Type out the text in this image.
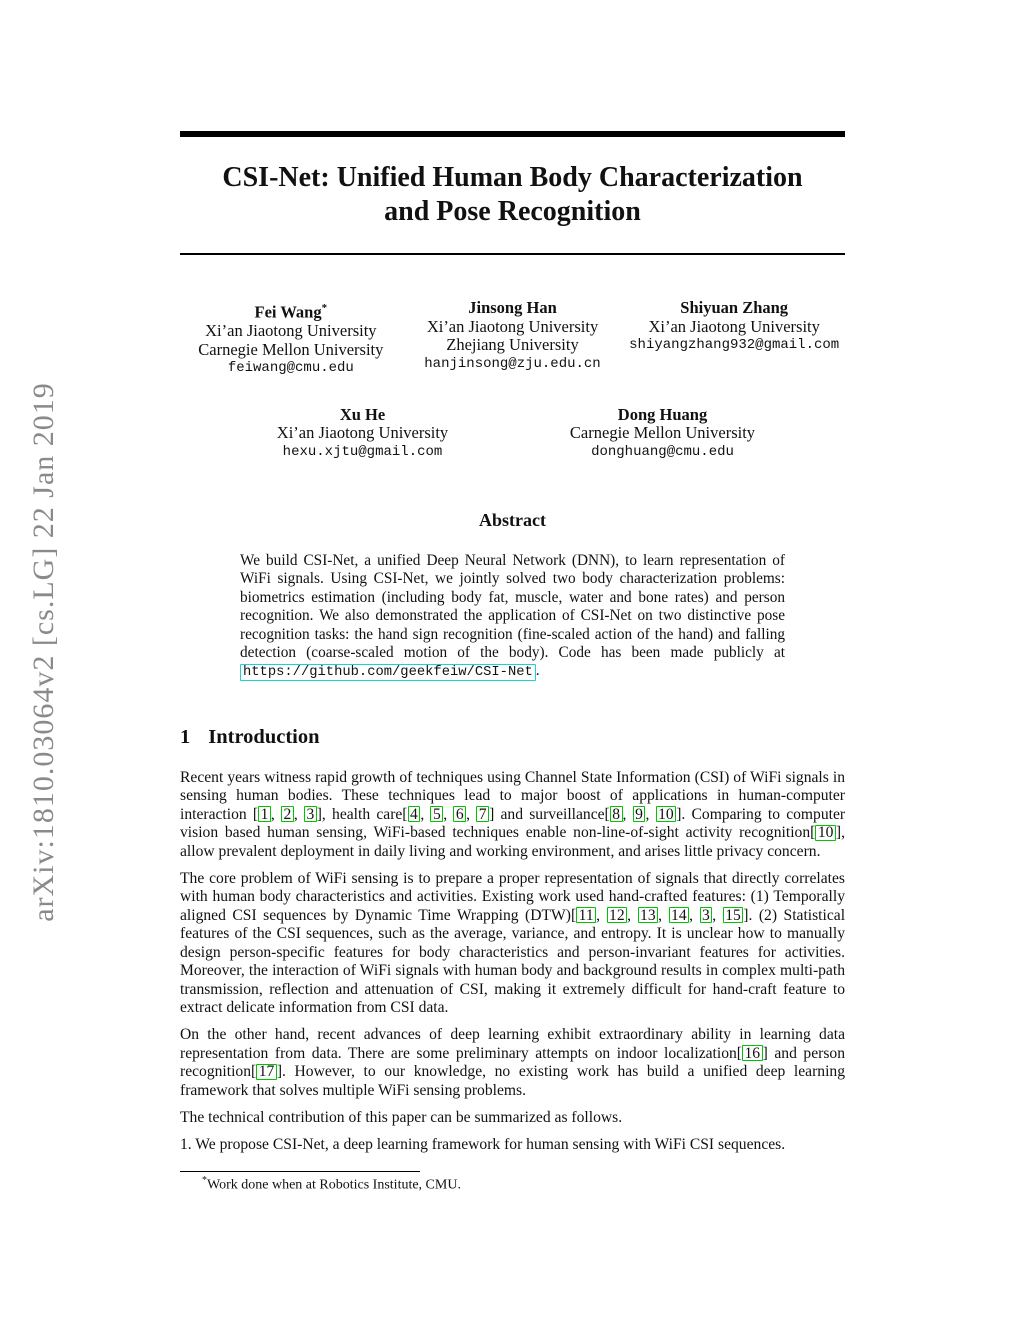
arXiv:1810.03064v2 [cs.LG] 22 Jan 2019
CSI-Net: Unified Human Body Characterization
and Pose Recognition
Fei Wang*
Xi’an Jiaotong University
Carnegie Mellon University
feiwang@cmu.edu
Jinsong Han
Xi’an Jiaotong University
Zhejiang University
hanjinsong@zju.edu.cn
Shiyuan Zhang
Xi’an Jiaotong University
shiyangzhang932@gmail.com
Xu He
Xi’an Jiaotong University
hexu.xjtu@gmail.com
Dong Huang
Carnegie Mellon University
donghuang@cmu.edu
Abstract
We build CSI-Net, a unified Deep Neural Network (DNN), to learn representation of WiFi signals. Using CSI-Net, we jointly solved two body characterization problems: biometrics estimation (including body fat, muscle, water and bone rates) and person recognition. We also demonstrated the application of CSI-Net on two distinctive pose recognition tasks: the hand sign recognition (fine-scaled action of the hand) and falling detection (coarse-scaled motion of the body). Code has been made publicly at https://github.com/geekfeiw/CSI-Net .
1 Introduction

Recent years witness rapid growth of techniques using Channel State Information (CSI) of WiFi signals in sensing human bodies. These techniques lead to major boost of applications in human-computer interaction [ 1 , 2 , 3 ], health care[ 4 , 5 , 6 , 7 ] and surveillance[ 8 , 9 , 10 ]. Comparing to computer vision based human sensing, WiFi-based techniques enable non-line-of-sight activity recognition[ 10 ], allow prevalent deployment in daily living and working environment, and arises little privacy concern.

The core problem of WiFi sensing is to prepare a proper representation of signals that directly correlates with human body characteristics and activities. Existing work used hand-crafted features: (1) Temporally aligned CSI sequences by Dynamic Time Wrapping (DTW)[ 11 , 12 , 13 , 14 , 3 , 15 ]. (2) Statistical features of the CSI sequences, such as the average, variance, and entropy. It is unclear how to manually design person-specific features for body characteristics and person-invariant features for activities. Moreover, the interaction of WiFi signals with human body and background results in complex multi-path transmission, reflection and attenuation of CSI, making it extremely difficult for hand-craft feature to extract delicate information from CSI data.

On the other hand, recent advances of deep learning exhibit extraordinary ability in learning data representation from data. There are some preliminary attempts on indoor localization[ 16 ] and person recognition[ 17 ]. However, to our knowledge, no existing work has build a unified deep learning framework that solves multiple WiFi sensing problems.

The technical contribution of this paper can be summarized as follows.

1. We propose CSI-Net, a deep learning framework for human sensing with WiFi CSI sequences.

*Work done when at Robotics Institute, CMU.
